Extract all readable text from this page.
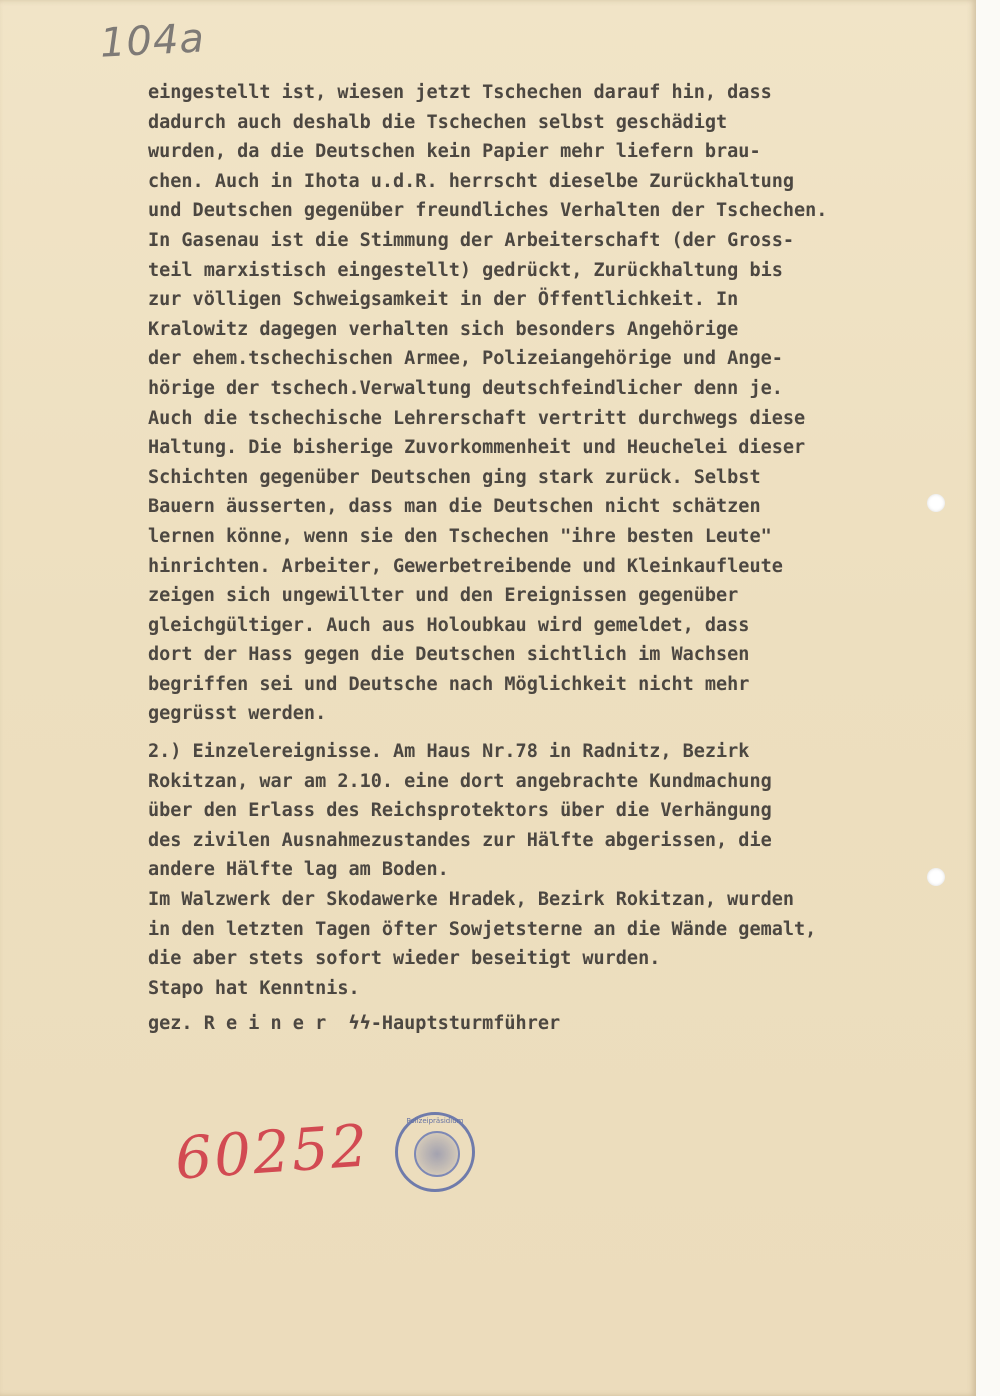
104a
eingestellt ist, wiesen jetzt Tschechen darauf hin, dass
dadurch auch deshalb die Tschechen selbst geschädigt
wurden, da die Deutschen kein Papier mehr liefern brau-
chen. Auch in Ihota u.d.R. herrscht dieselbe Zurückhaltung
und Deutschen gegenüber freundliches Verhalten der Tschechen.
In Gasenau ist die Stimmung der Arbeiterschaft (der Gross-
teil marxistisch eingestellt) gedrückt, Zurückhaltung bis
zur völligen Schweigsamkeit in der Öffentlichkeit. In
Kralowitz dagegen verhalten sich besonders Angehörige
der ehem.tschechischen Armee, Polizeiangehörige und Ange-
hörige der tschech.Verwaltung deutschfeindlicher denn je.
Auch die tschechische Lehrerschaft vertritt durchwegs diese
Haltung. Die bisherige Zuvorkommenheit und Heuchelei dieser
Schichten gegenüber Deutschen ging stark zurück. Selbst
Bauern äusserten, dass man die Deutschen nicht schätzen
lernen könne, wenn sie den Tschechen "ihre besten Leute"
hinrichten. Arbeiter, Gewerbetreibende und Kleinkaufleute
zeigen sich ungewillter und den Ereignissen gegenüber
gleichgültiger. Auch aus Holoubkau wird gemeldet, dass
dort der Hass gegen die Deutschen sichtlich im Wachsen
begriffen sei und Deutsche nach Möglichkeit nicht mehr
gegrüsst werden.
2.) Einzelereignisse. Am Haus Nr.78 in Radnitz, Bezirk
Rokitzan, war am 2.10. eine dort angebrachte Kundmachung
über den Erlass des Reichsprotektors über die Verhängung
des zivilen Ausnahmezustandes zur Hälfte abgerissen, die
andere Hälfte lag am Boden.
Im Walzwerk der Skodawerke Hradek, Bezirk Rokitzan, wurden
in den letzten Tagen öfter Sowjetsterne an die Wände gemalt,
die aber stets sofort wieder beseitigt wurden.
Stapo hat Kenntnis.
gez. R e i n e r  ϟϟ-Hauptsturmführer
60252	Polizeipräsidium
